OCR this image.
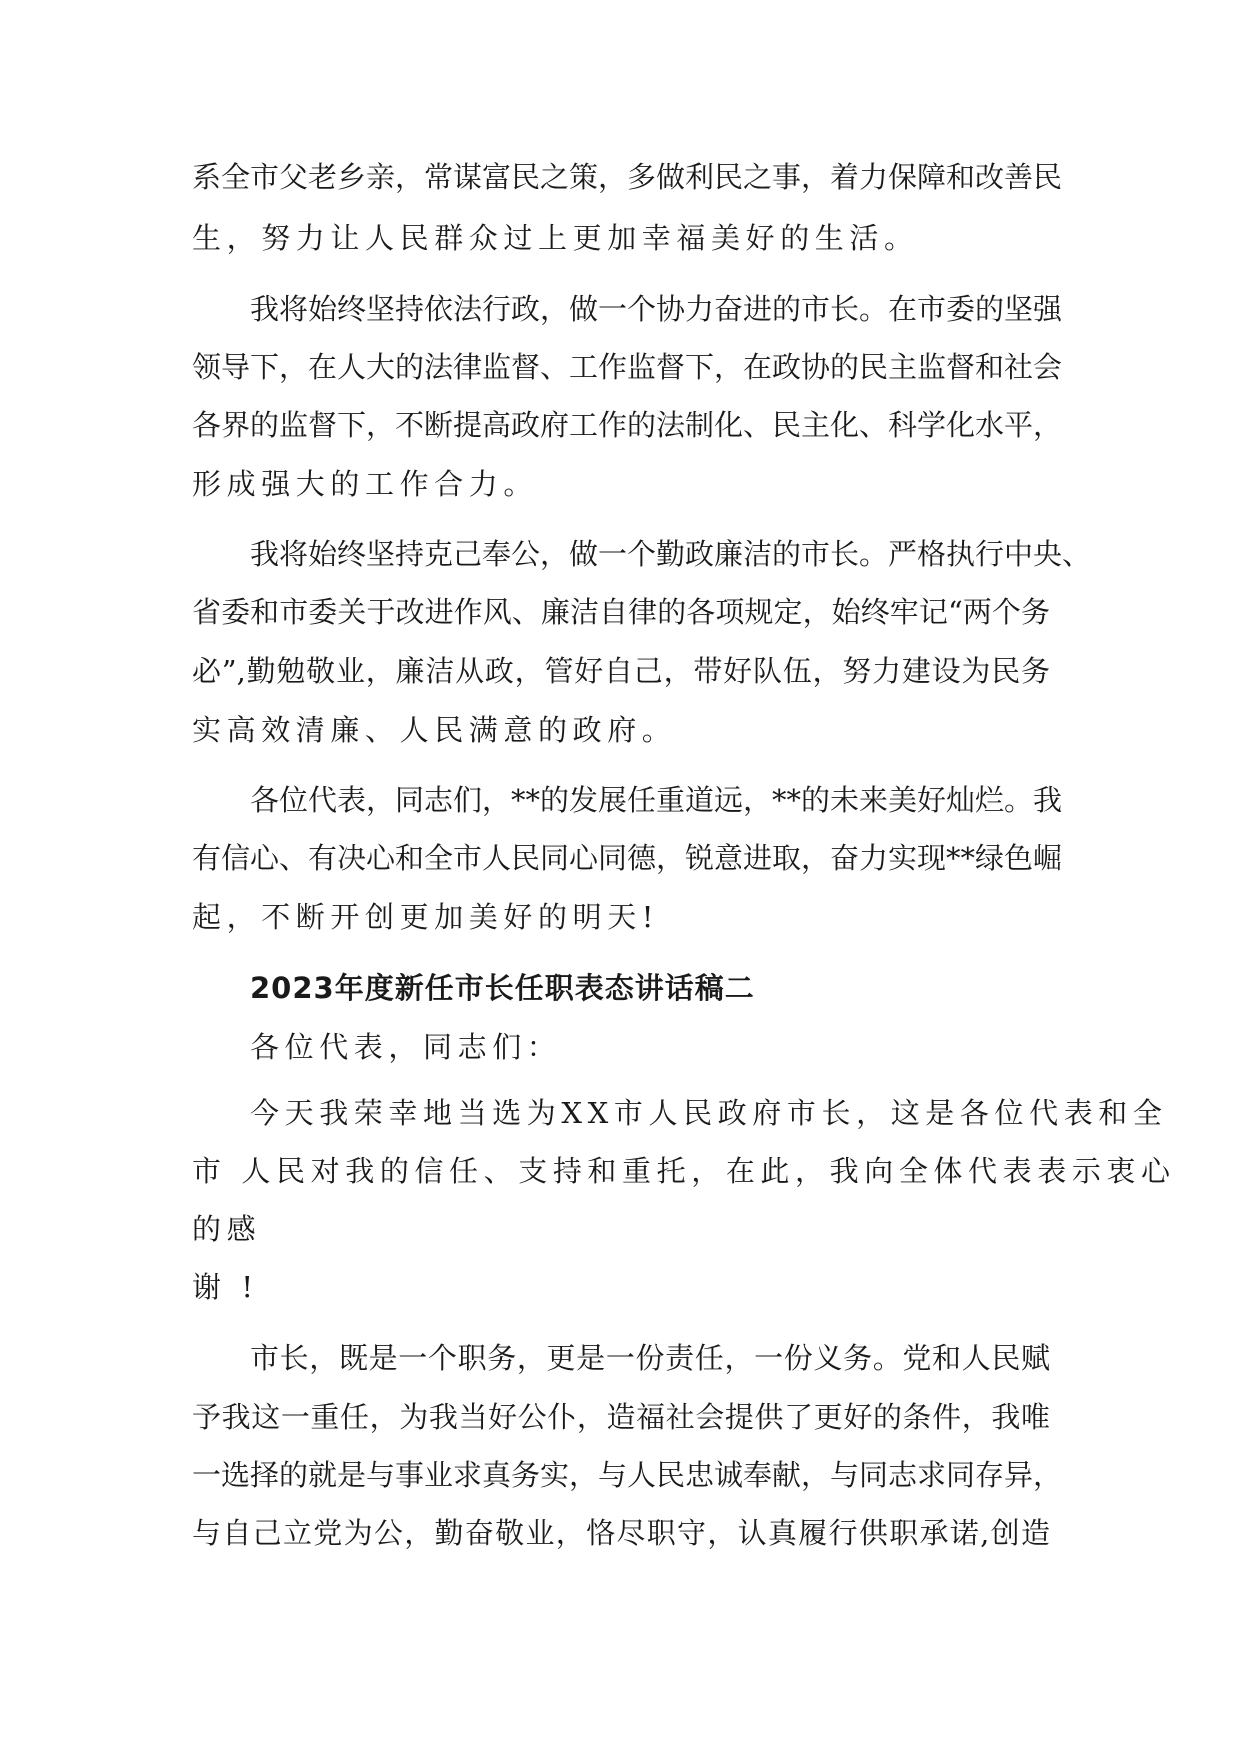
系全市父老乡亲，常谋富民之策，多做利民之事，着力保障和改善民
生，努力让人民群众过上更加幸福美好的生活。
我将始终坚持依法行政，做一个协力奋进的市长。在市委的坚强
领导下，在人大的法律监督、工作监督下，在政协的民主监督和社会
各界的监督下，不断提高政府工作的法制化、民主化、科学化水平，
形成强大的工作合力。
我将始终坚持克己奉公，做一个勤政廉洁的市长。严格执行中央、
省委和市委关于改进作风、廉洁自律的各项规定，始终牢记“两个务
必”,勤勉敬业，廉洁从政，管好自己，带好队伍，努力建设为民务
实高效清廉、人民满意的政府。
各位代表，同志们，**的发展任重道远，**的未来美好灿烂。我
有信心、有决心和全市人民同心同德，锐意进取，奋力实现**绿色崛
起，不断开创更加美好的明天!
2023年度新任市长任职表态讲话稿二
各位代表，同志们：
今天我荣幸地当选为XX市人民政府市长，这是各位代表和全
市 人民对我的信任、支持和重托，在此，我向全体代表表示衷心
的感
谢 !
市长，既是一个职务，更是一份责任，一份义务。党和人民赋
予我这一重任，为我当好公仆，造福社会提供了更好的条件，我唯
一选择的就是与事业求真务实，与人民忠诚奉献，与同志求同存异，
与自己立党为公，勤奋敬业，恪尽职守，认真履行供职承诺,创造
